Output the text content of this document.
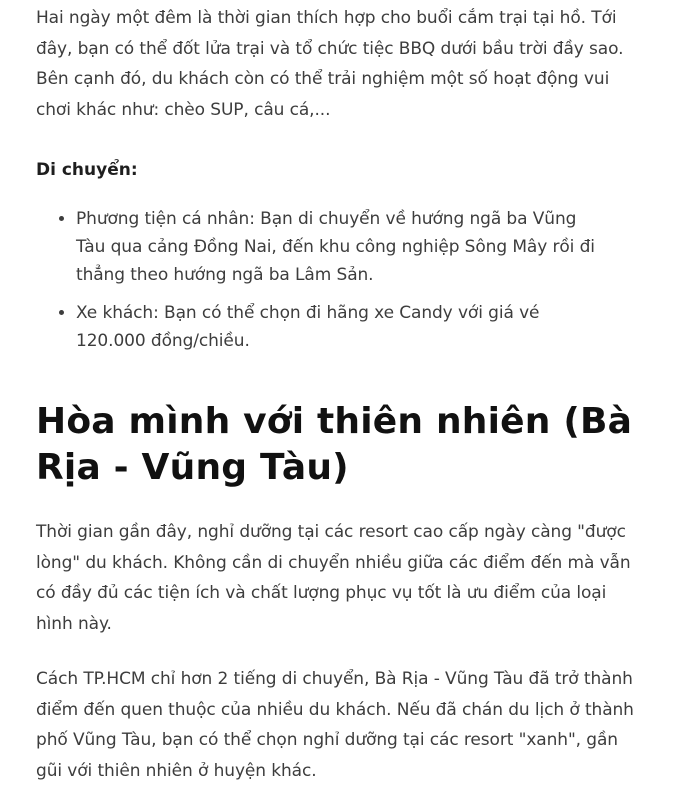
Hai ngày một đêm là thời gian thích hợp cho buổi cắm trại tại hồ. Tới đây, bạn có thể đốt lửa trại và tổ chức tiệc BBQ dưới bầu trời đầy sao. Bên cạnh đó, du khách còn có thể trải nghiệm một số hoạt động vui chơi khác như: chèo SUP, câu cá,...

Di chuyển:

• Phương tiện cá nhân: Bạn di chuyển về hướng ngã ba Vũng Tàu qua cảng Đồng Nai, đến khu công nghiệp Sông Mây rồi đi thẳng theo hướng ngã ba Lâm Sản.
• Xe khách: Bạn có thể chọn đi hãng xe Candy với giá vé 120.000 đồng/chiều.
Hòa mình với thiên nhiên (Bà Rịa - Vũng Tàu)

Thời gian gần đây, nghỉ dưỡng tại các resort cao cấp ngày càng "được lòng" du khách. Không cần di chuyển nhiều giữa các điểm đến mà vẫn có đầy đủ các tiện ích và chất lượng phục vụ tốt là ưu điểm của loại hình này.

Cách TP.HCM chỉ hơn 2 tiếng di chuyển, Bà Rịa - Vũng Tàu đã trở thành điểm đến quen thuộc của nhiều du khách. Nếu đã chán du lịch ở thành phố Vũng Tàu, bạn có thể chọn nghỉ dưỡng tại các resort "xanh", gần gũi với thiên nhiên ở huyện khác.
